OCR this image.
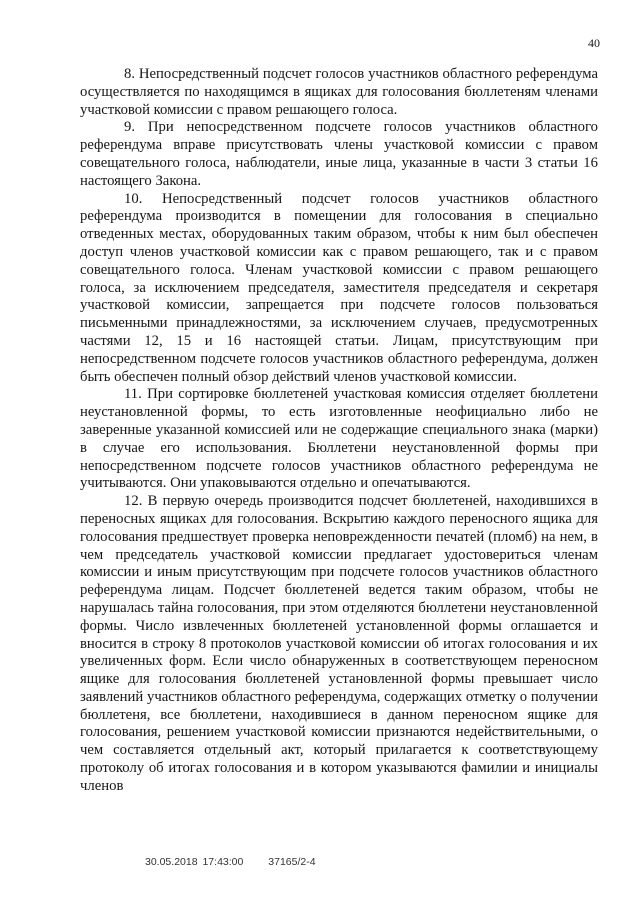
40

8. Непосредственный подсчет голосов участников областного референдума осуществляется по находящимся в ящиках для голосования бюллетеням членами участковой комиссии с правом решающего голоса.

9. При непосредственном подсчете голосов участников областного референдума вправе присутствовать члены участковой комиссии с правом совещательного голоса, наблюдатели, иные лица, указанные в части 3 статьи 16 настоящего Закона.

10. Непосредственный подсчет голосов участников областного референдума производится в помещении для голосования в специально отведенных местах, оборудованных таким образом, чтобы к ним был обеспечен доступ членов участковой комиссии как с правом решающего, так и с правом совещательного голоса. Членам участковой комиссии с правом решающего голоса, за исключением председателя, заместителя председателя и секретаря участковой комиссии, запрещается при подсчете голосов пользоваться письменными принадлежностями, за исключением случаев, предусмотренных частями 12, 15 и 16 настоящей статьи. Лицам, присутствующим при непосредственном подсчете голосов участников областного референдума, должен быть обеспечен полный обзор действий членов участковой комиссии.

11. При сортировке бюллетеней участковая комиссия отделяет бюллетени неустановленной формы, то есть изготовленные неофициально либо не заверенные указанной комиссией или не содержащие специального знака (марки) в случае его использования. Бюллетени неустановленной формы при непосредственном подсчете голосов участников областного референдума не учитываются. Они упаковываются отдельно и опечатываются.

12. В первую очередь производится подсчет бюллетеней, находившихся в переносных ящиках для голосования. Вскрытию каждого переносного ящика для голосования предшествует проверка неповрежденности печатей (пломб) на нем, в чем председатель участковой комиссии предлагает удостовериться членам комиссии и иным присутствующим при подсчете голосов участников областного референдума лицам. Подсчет бюллетеней ведется таким образом, чтобы не нарушалась тайна голосования, при этом отделяются бюллетени неустановленной формы. Число извлеченных бюллетеней установленной формы оглашается и вносится в строку 8 протоколов участковой комиссии об итогах голосования и их увеличенных форм. Если число обнаруженных в соответствующем переносном ящике для голосования бюллетеней установленной формы превышает число заявлений участников областного референдума, содержащих отметку о получении бюллетеня, все бюллетени, находившиеся в данном переносном ящике для голосования, решением участковой комиссии признаются недействительными, о чем составляется отдельный акт, который прилагается к соответствующему протоколу об итогах голосования и в котором указываются фамилии и инициалы членов

30.05.2018 17:43:00 37165/2-4
